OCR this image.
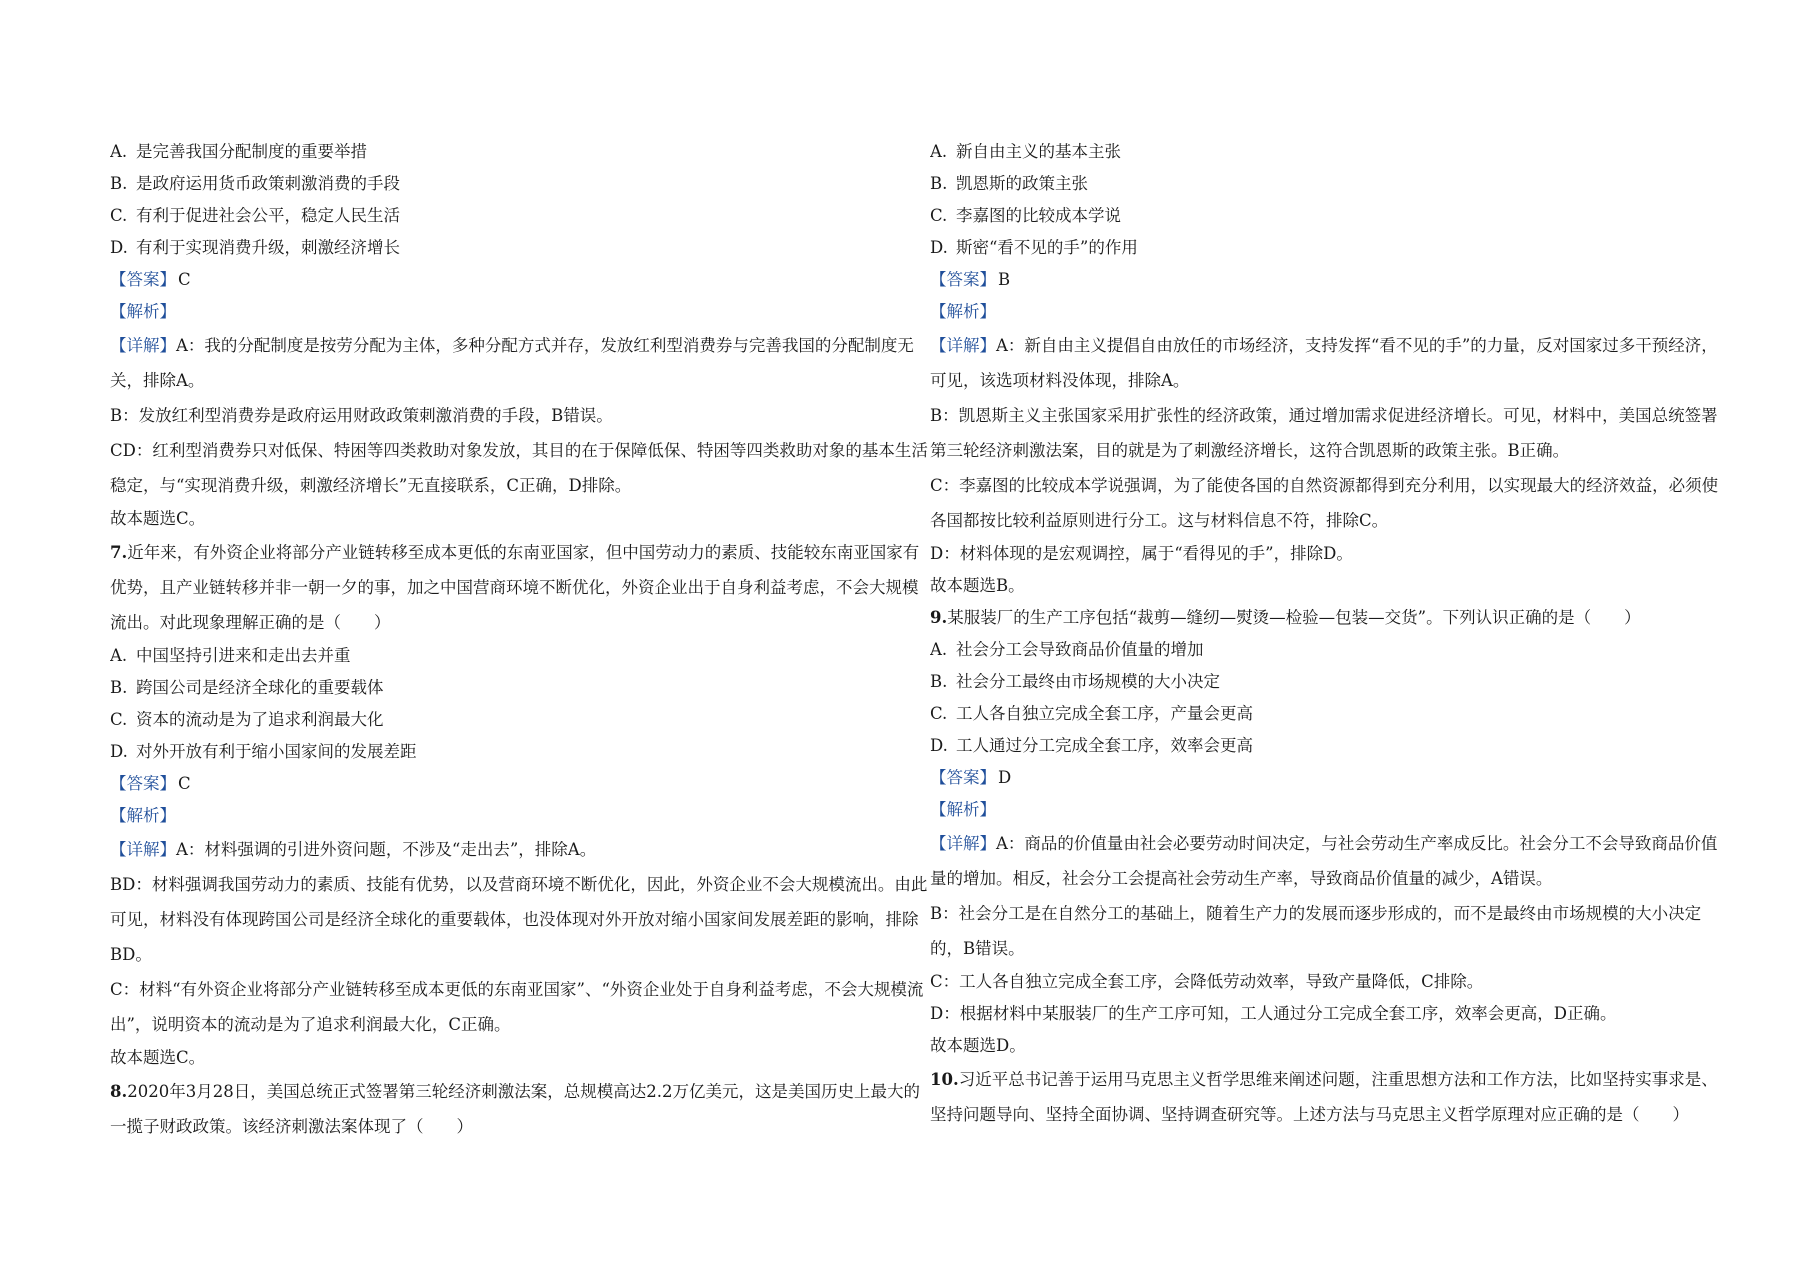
A. 是完善我国分配制度的重要举措
B. 是政府运用货币政策刺激消费的手段
C. 有利于促进社会公平，稳定人民生活
D. 有利于实现消费升级，刺激经济增长
【答案】 C
【解析】
【详解】A：我的分配制度是按劳分配为主体，多种分配方式并存，发放红利型消费券与完善我国的分配制度无关，排除A。
B：发放红利型消费券是政府运用财政政策刺激消费的手段，B错误。
CD：红利型消费券只对低保、特困等四类救助对象发放，其目的在于保障低保、特困等四类救助对象的基本生活稳定，与“实现消费升级，刺激经济增长”无直接联系，C正确，D排除。
故本题选C。
7.近年来，有外资企业将部分产业链转移至成本更低的东南亚国家，但中国劳动力的素质、技能较东南亚国家有优势，且产业链转移并非一朝一夕的事，加之中国营商环境不断优化，外资企业出于自身利益考虑，不会大规模流出。对此现象理解正确的是（　　）
A. 中国坚持引进来和走出去并重
B. 跨国公司是经济全球化的重要载体
C. 资本的流动是为了追求利润最大化
D. 对外开放有利于缩小国家间的发展差距
【答案】 C
【解析】
【详解】A：材料强调的引进外资问题，不涉及“走出去”，排除A。
BD：材料强调我国劳动力的素质、技能有优势，以及营商环境不断优化，因此，外资企业不会大规模流出。由此可见，材料没有体现跨国公司是经济全球化的重要载体，也没体现对外开放对缩小国家间发展差距的影响，排除BD。
C：材料“有外资企业将部分产业链转移至成本更低的东南亚国家”、“外资企业处于自身利益考虑，不会大规模流出”，说明资本的流动是为了追求利润最大化，C正确。
故本题选C。
8.2020年3月28日，美国总统正式签署第三轮经济刺激法案，总规模高达2.2万亿美元，这是美国历史上最大的一揽子财政政策。该经济刺激法案体现了（　　）
A. 新自由主义的基本主张
B. 凯恩斯的政策主张
C. 李嘉图的比较成本学说
D. 斯密“看不见的手”的作用
【答案】 B
【解析】
【详解】A：新自由主义提倡自由放任的市场经济，支持发挥“看不见的手”的力量，反对国家过多干预经济，可见，该选项材料没体现，排除A。
B：凯恩斯主义主张国家采用扩张性的经济政策，通过增加需求促进经济增长。可见，材料中，美国总统签署第三轮经济刺激法案，目的就是为了刺激经济增长，这符合凯恩斯的政策主张。B正确。
C：李嘉图的比较成本学说强调，为了能使各国的自然资源都得到充分利用，以实现最大的经济效益，必须使各国都按比较利益原则进行分工。这与材料信息不符，排除C。
D：材料体现的是宏观调控，属于“看得见的手”，排除D。
故本题选B。
9.某服装厂的生产工序包括“裁剪—缝纫—熨烫—检验—包装—交货”。下列认识正确的是（　　）
A. 社会分工会导致商品价值量的增加
B. 社会分工最终由市场规模的大小决定
C. 工人各自独立完成全套工序，产量会更高
D. 工人通过分工完成全套工序，效率会更高
【答案】 D
【解析】
【详解】A：商品的价值量由社会必要劳动时间决定，与社会劳动生产率成反比。社会分工不会导致商品价值量的增加。相反，社会分工会提高社会劳动生产率，导致商品价值量的减少，A错误。
B：社会分工是在自然分工的基础上，随着生产力的发展而逐步形成的，而不是最终由市场规模的大小决定的，B错误。
C：工人各自独立完成全套工序，会降低劳动效率，导致产量降低，C排除。
D：根据材料中某服装厂的生产工序可知，工人通过分工完成全套工序，效率会更高，D正确。
故本题选D。
10.习近平总书记善于运用马克思主义哲学思维来阐述问题，注重思想方法和工作方法，比如坚持实事求是、坚持问题导向、坚持全面协调、坚持调查研究等。上述方法与马克思主义哲学原理对应正确的是（　　）
